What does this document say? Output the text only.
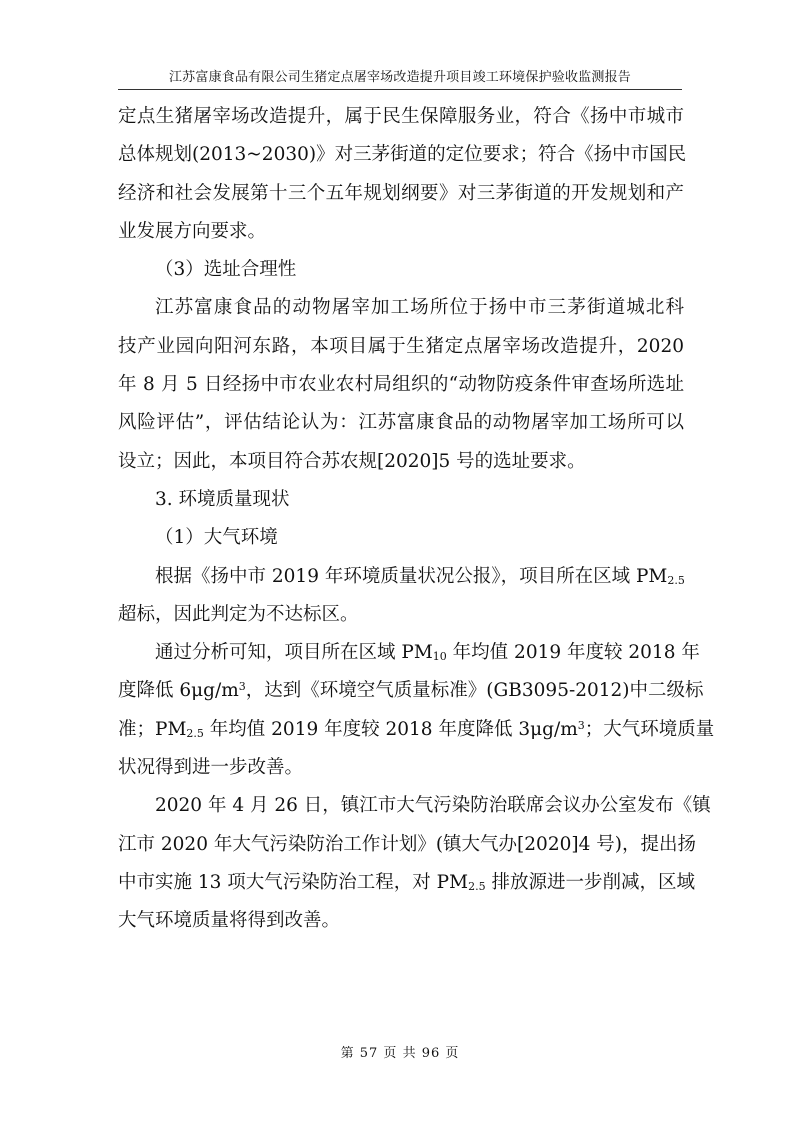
江苏富康食品有限公司生猪定点屠宰场改造提升项目竣工环境保护验收监测报告
定点生猪屠宰场改造提升，属于民生保障服务业，符合《扬中市城市
总体规划(2013~2030)》对三茅街道的定位要求；符合《扬中市国民
经济和社会发展第十三个五年规划纲要》对三茅街道的开发规划和产
业发展方向要求。
（3）选址合理性
江苏富康食品的动物屠宰加工场所位于扬中市三茅街道城北科
技产业园向阳河东路，本项目属于生猪定点屠宰场改造提升，2020
年 8 月 5 日经扬中市农业农村局组织的“动物防疫条件审查场所选址
风险评估”，评估结论认为：江苏富康食品的动物屠宰加工场所可以
设立；因此，本项目符合苏农规[2020]5 号的选址要求。
3. 环境质量现状
（1）大气环境
根据《扬中市 2019 年环境质量状况公报》，项目所在区域 $PM_{2.5}$
超标，因此判定为不达标区。
通过分析可知，项目所在区域 $PM_{10}$ 年均值 2019 年度较 2018 年
度降低 $6\mu g/m^3$，达到《环境空气质量标准》(GB3095-2012)中二级标
准；$PM_{2.5}$ 年均值 2019 年度较 2018 年度降低 $3\mu g/m^3$；大气环境质量
状况得到进一步改善。
2020 年 4 月 26 日，镇江市大气污染防治联席会议办公室发布《镇
江市 2020 年大气污染防治工作计划》(镇大气办[2020]4 号)，提出扬
中市实施 13 项大气污染防治工程，对 $PM_{2.5}$ 排放源进一步削减，区域
大气环境质量将得到改善。
第 57 页 共 96 页
